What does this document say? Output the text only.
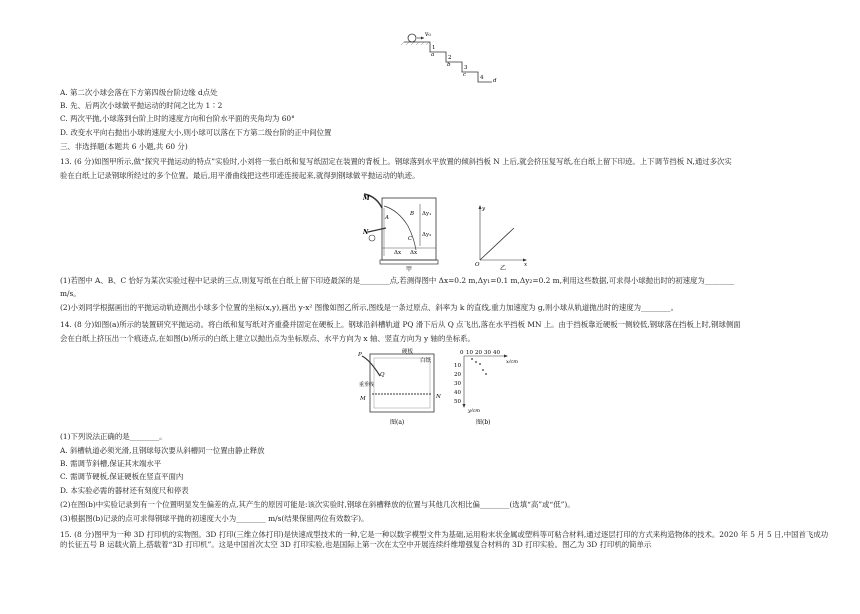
v₀
1
a 2
b 3
c	4 d
A. 第二次小球会落在下方第四级台阶边缘 d点处
B. 先、后两次小球做平抛运动的时间之比为 1∶2
C. 两次平抛,小球落到台阶上时的速度方向和台阶水平面的夹角均为 60°
D. 改变水平向右抛出小球的速度大小,则小球可以落在下方第二级台阶的正中间位置
三、非选择题(本题共 6 小题,共 60 分)
13. (6 分)如图甲所示,做“探究平抛运动的特点”实验时,小刘将一张白纸和复写纸固定在装置的背板上。钢球落到水平放置的倾斜挡板 N 上后,就会挤压复写纸,在白纸上留下印迹。上下调节挡板 N,通过多次实
验在白纸上记录钢球所经过的多个位置。最后,用平滑曲线把这些印迹连接起来,就得到钢球做平抛运动的轨迹。
M
A
B
C
Δy₁
Δy₂
N
Δx Δx
甲
y
O	x
乙
(1)若图中 A、B、C 恰好为某次实验过程中记录的三点,则复写纸在白纸上留下印迹最深的是________点,若测得图中 Δx=0.2 m,Δy₁=0.1 m,Δy₂=0.2 m,利用这些数据,可求得小球抛出时的初速度为________
m/s。
(2)小刘同学根据画出的平抛运动轨迹测出小球多个位置的坐标(x,y),画出 y-x² 图像如图乙所示,图线是一条过原点、斜率为 k 的直线,重力加速度为 g,则小球从轨道抛出时的速度为________。
14. (8 分)如图(a)所示的装置研究平抛运动。将白纸和复写纸对齐重叠并固定在硬板上。钢球沿斜槽轨道 PQ 滑下后从 Q 点飞出,落在水平挡板 MN 上。由于挡板靠近硬板一侧较低,钢球落在挡板上时,钢球侧面
会在白纸上挤压出一个痕迹点,在如图(b)所示的白纸上建立以抛出点为坐标原点、水平方向为 x 轴、竖直方向为 y 轴的坐标系。
硬板
白纸
P
Q
重垂线
M	N
图(a)
0 10 20 30 40
x/cm
10
20
30
40
50
y/cm
图(b)
(1)下列说法正确的是________。
A. 斜槽轨道必须光滑,且钢球每次要从斜槽同一位置由静止释放
B. 需调节斜槽,保证其末端水平
C. 需调节硬板,保证硬板在竖直平面内
D. 本实验必需的器材还有刻度尺和停表
(2)在图(b)中实验记录到有一个位置明显发生偏差的点,其产生的原因可能是:该次实验时,钢球在斜槽释放的位置与其他几次相比偏________(选填“高”或“低”)。
(3)根据图(b)记录的点可求得钢球平抛的初速度大小为________ m/s(结果保留两位有效数字)。
15. (8 分)图甲为一种 3D 打印机的实物图。3D 打印(三维立体打印)是快速成型技术的一种,它是一种以数字模型文件为基础,运用粉末状金属或塑料等可粘合材料,通过逐层打印的方式来构造物体的技术。2020 年 5 月 5 日,中国首飞成功的长征五号 B 运载火箭上,搭载着“3D 打印机”。这是中国首次太空 3D 打印实验,也是国际上第一次在太空中开展连续纤维增强复合材料的 3D 打印实验。图乙为 3D 打印机的简单示
